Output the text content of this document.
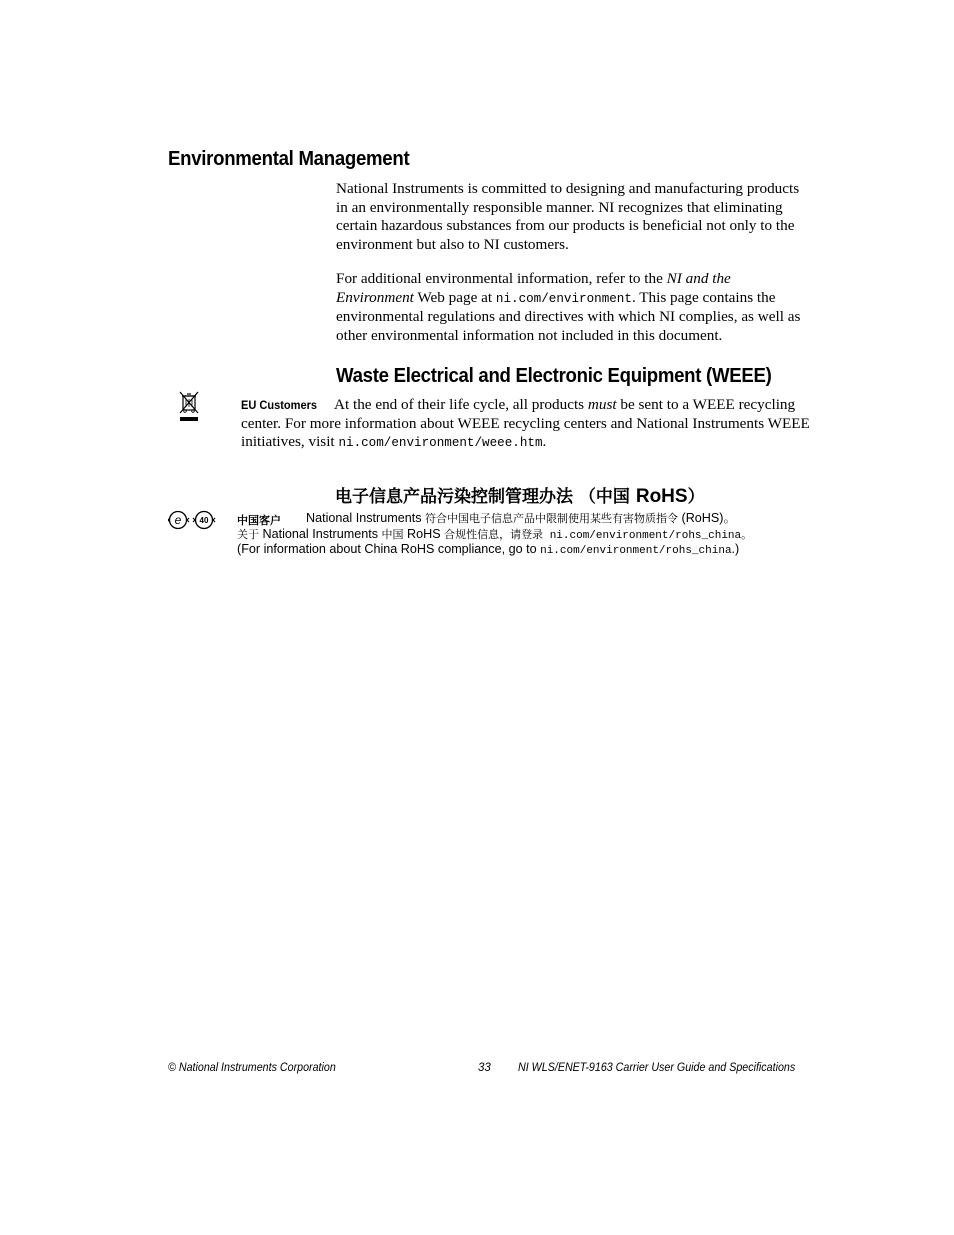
Environmental Management

National Instruments is committed to designing and manufacturing products in an environmentally responsible manner. NI recognizes that eliminating certain hazardous substances from our products is beneficial not only to the environment but also to NI customers.

For additional environmental information, refer to the NI and the Environment Web page at ni.com/environment. This page contains the environmental regulations and directives with which NI complies, as well as other environmental information not included in this document.

Waste Electrical and Electronic Equipment (WEEE)
EU Customers	At the end of their life cycle, all products must be sent to a WEEE recycling center. For more information about WEEE recycling centers and National Instruments WEEE initiatives, visit ni.com/environment/weee.htm.

电子信息产品污染控制管理办法 （中国 RoHS）
e 40	中国客户 National Instruments 符合中国电子信息产品中限制使用某些有害物质指令 (RoHS)。
关于 National Instruments 中国 RoHS 合规性信息，请登录 ni.com/environment/rohs_china。
(For information about China RoHS compliance, go to ni.com/environment/rohs_china.)
© National Instruments Corporation	33 NI WLS/ENET-9163 Carrier User Guide and Specifications
